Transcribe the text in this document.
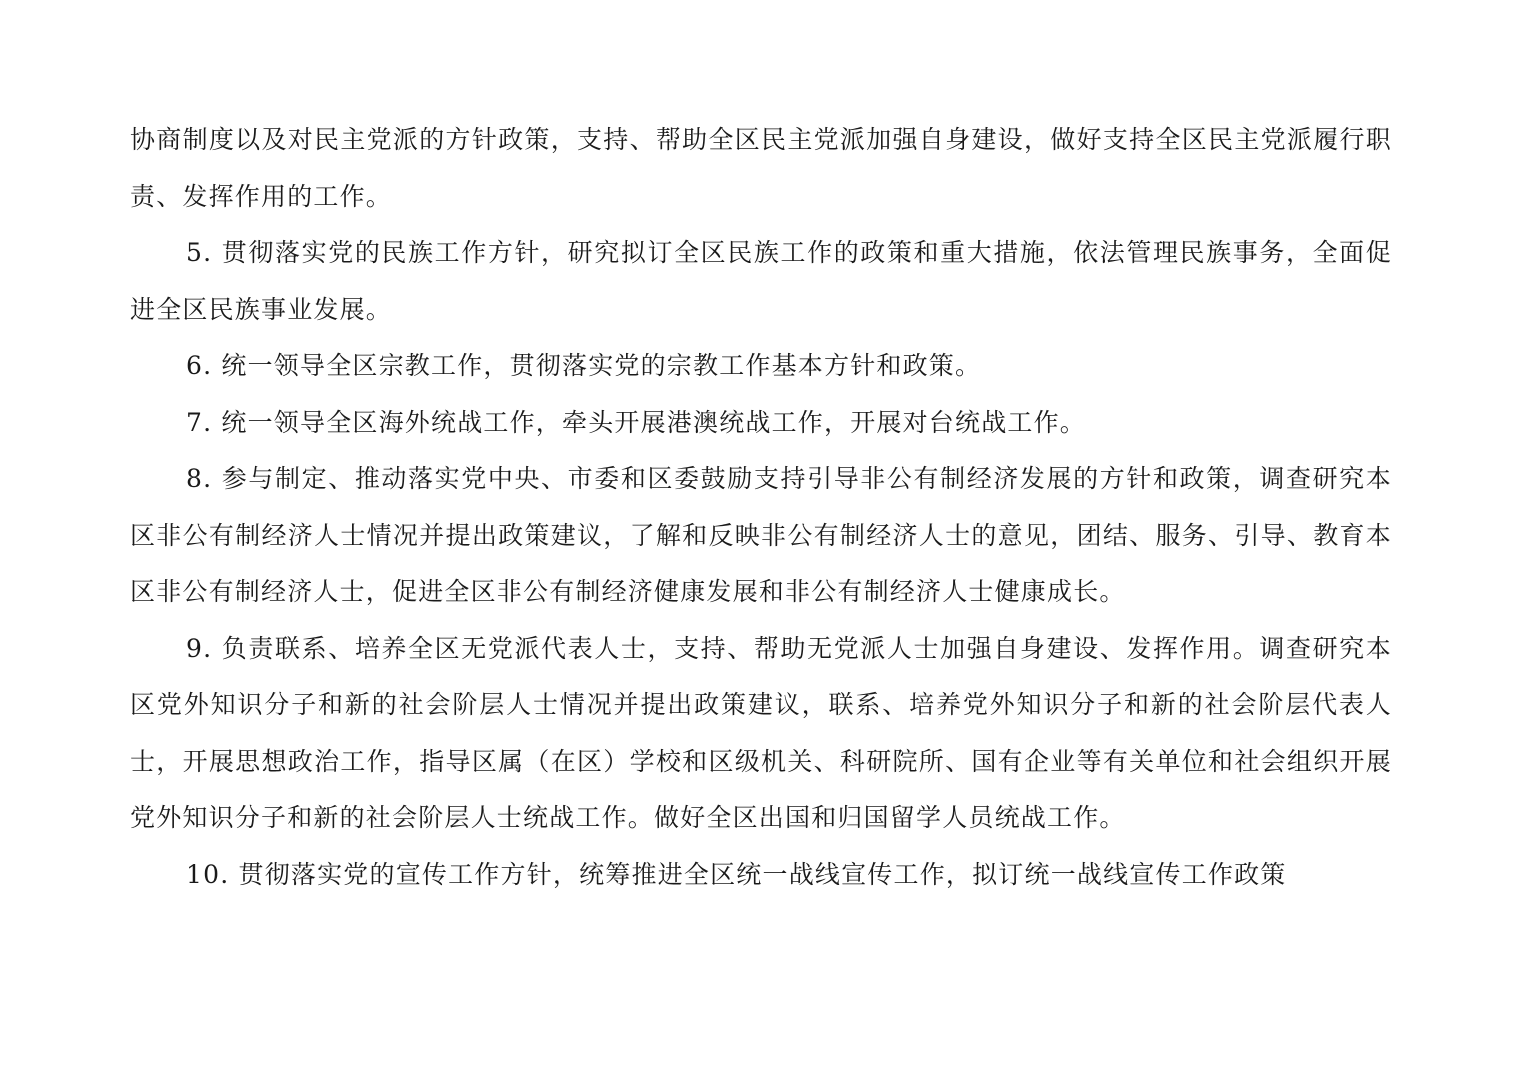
协商制度以及对民主党派的方针政策，支持、帮助全区民主党派加强自身建设，做好支持全区民主党派履行职责、发挥作用的工作。

5. 贯彻落实党的民族工作方针，研究拟订全区民族工作的政策和重大措施，依法管理民族事务，全面促进全区民族事业发展。

6. 统一领导全区宗教工作，贯彻落实党的宗教工作基本方针和政策。

7. 统一领导全区海外统战工作，牵头开展港澳统战工作，开展对台统战工作。

8. 参与制定、推动落实党中央、市委和区委鼓励支持引导非公有制经济发展的方针和政策，调查研究本区非公有制经济人士情况并提出政策建议，了解和反映非公有制经济人士的意见，团结、服务、引导、教育本区非公有制经济人士，促进全区非公有制经济健康发展和非公有制经济人士健康成长。

9. 负责联系、培养全区无党派代表人士，支持、帮助无党派人士加强自身建设、发挥作用。调查研究本区党外知识分子和新的社会阶层人士情况并提出政策建议，联系、培养党外知识分子和新的社会阶层代表人士，开展思想政治工作，指导区属（在区）学校和区级机关、科研院所、国有企业等有关单位和社会组织开展党外知识分子和新的社会阶层人士统战工作。做好全区出国和归国留学人员统战工作。

10. 贯彻落实党的宣传工作方针，统筹推进全区统一战线宣传工作，拟订统一战线宣传工作政策
